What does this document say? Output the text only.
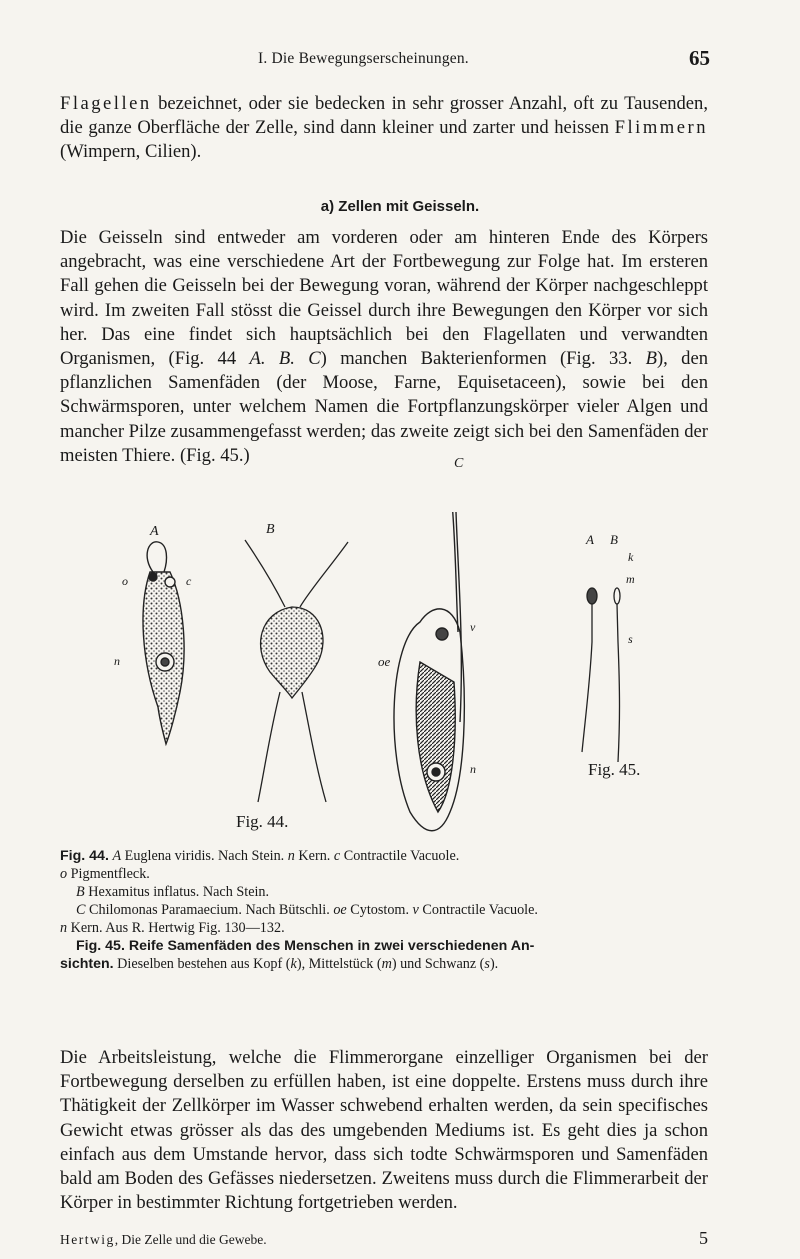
I. Die Bewegungserscheinungen.	65

Flagellen bezeichnet, oder sie bedecken in sehr grosser Anzahl, oft zu Tausenden, die ganze Oberfläche der Zelle, sind dann kleiner und zarter und heissen Flimmern (Wimpern, Cilien).

a) Zellen mit Geisseln.

Die Geisseln sind entweder am vorderen oder am hinteren Ende des Körpers angebracht, was eine verschiedene Art der Fortbewegung zur Folge hat. Im ersteren Fall gehen die Geisseln bei der Bewegung voran, während der Körper nachgeschleppt wird. Im zweiten Fall stösst die Geissel durch ihre Bewegungen den Körper vor sich her. Das eine findet sich hauptsächlich bei den Flagellaten und verwandten Organismen, (Fig. 44 A. B. C) manchen Bakterienformen (Fig. 33. B), den pflanzlichen Samenfäden (der Moose, Farne, Equisetaceen), sowie bei den Schwärmsporen, unter welchem Namen die Fortpflanzungskörper vieler Algen und mancher Pilze zusammengefasst werden; das zweite zeigt sich bei den Samenfäden der meisten Thiere. (Fig. 45.)

A	B
C
o	c
n
v
oe
n
A B
k
m
s
Fig. 44.
Fig. 45.

Fig. 44. A Euglena viridis. Nach Stein. n Kern. c Contractile Vacuole.

o Pigmentfleck.

B Hexamitus inflatus. Nach Stein.

C Chilomonas Paramaecium. Nach Bütschli. oe Cytostom. v Contractile Vacuole.

n Kern. Aus R. Hertwig Fig. 130—132.

Fig. 45. Reife Samenfäden des Menschen in zwei verschiedenen An-

sichten. Dieselben bestehen aus Kopf (k), Mittelstück (m) und Schwanz (s).

Die Arbeitsleistung, welche die Flimmerorgane einzelliger Organismen bei der Fortbewegung derselben zu erfüllen haben, ist eine doppelte. Erstens muss durch ihre Thätigkeit der Zellkörper im Wasser schwebend erhalten werden, da sein specifisches Gewicht etwas grösser als das des umgebenden Mediums ist. Es geht dies ja schon einfach aus dem Umstande hervor, dass sich todte Schwärmsporen und Samenfäden bald am Boden des Gefässes niedersetzen. Zweitens muss durch die Flimmerarbeit der Körper in bestimmter Richtung fortgetrieben werden.

Hertwig, Die Zelle und die Gewebe.	5
